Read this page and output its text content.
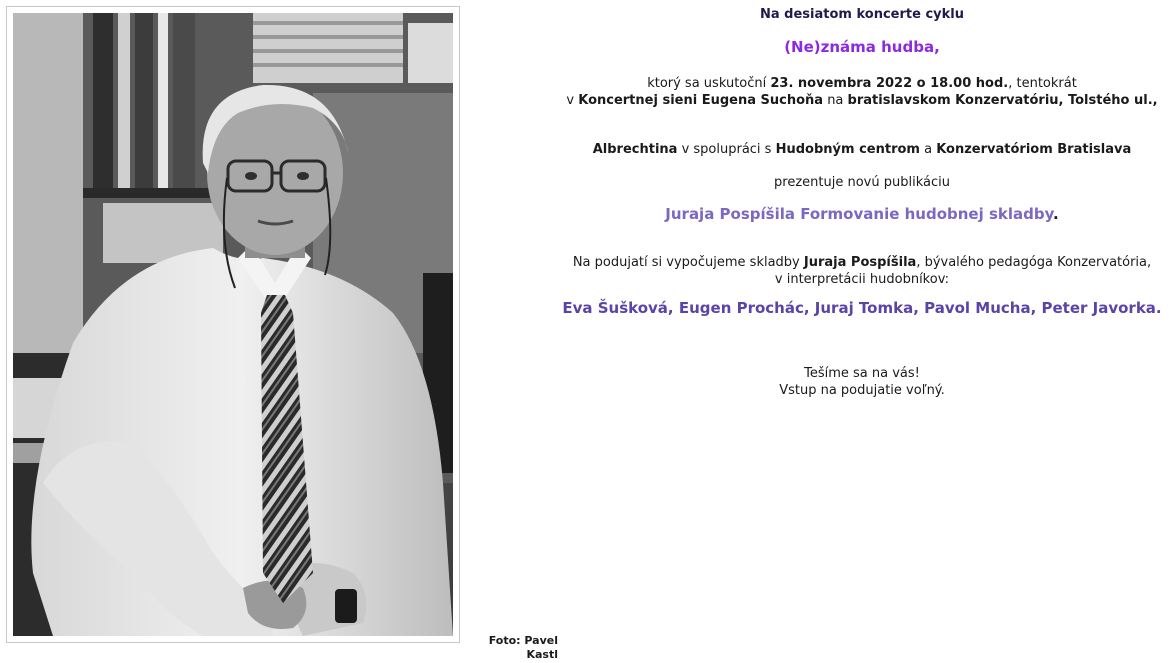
Foto: Pavel
Kastl

Na desiatom koncerte cyklu

(Ne)známa hudba,

ktorý sa uskutoční 23. novembra 2022 o 18.00 hod., tentokrát
v Koncertnej sieni Eugena Suchoňa na bratislavskom Konzervatóriu, Tolstého ul.,

Albrechtina v spolupráci s Hudobným centrom a Konzervatóriom Bratislava

prezentuje novú publikáciu

Juraja Pospíšila Formovanie hudobnej skladby.

Na podujatí si vypočujeme skladby Juraja Pospíšila, bývalého pedagóga Konzervatória,
v interpretácii hudobníkov:

Eva Šušková, Eugen Prochác, Juraj Tomka, Pavol Mucha, Peter Javorka.

Tešíme sa na vás!
Vstup na podujatie voľný.
